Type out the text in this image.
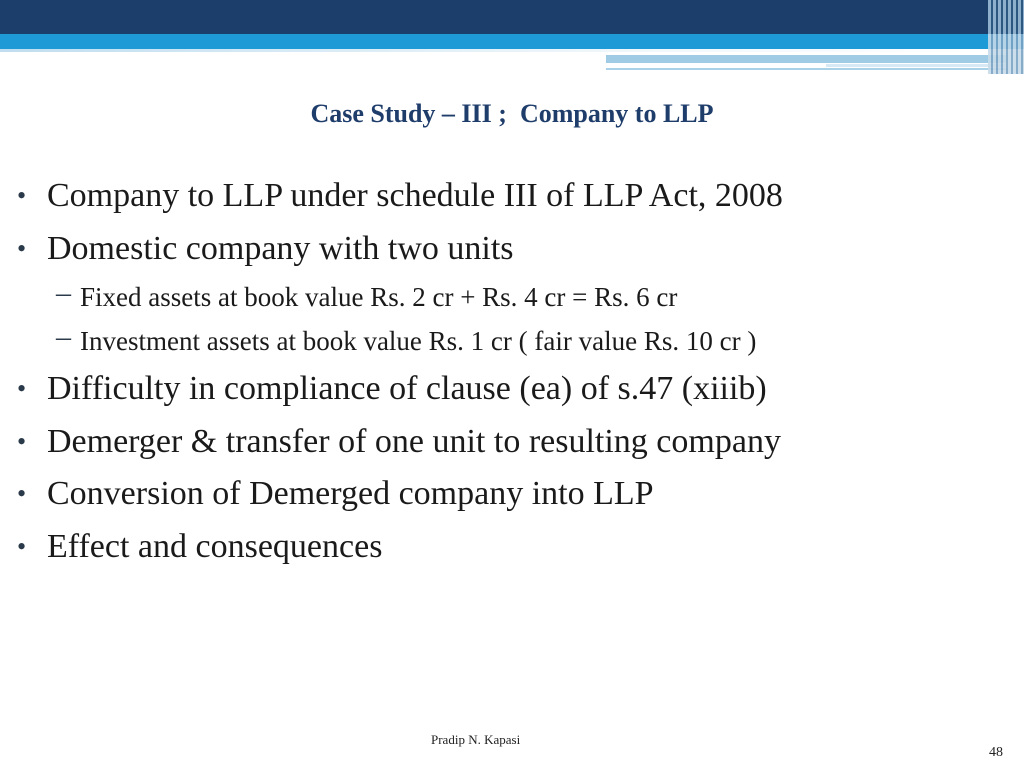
Case Study – III ;  Company to LLP
• Company to LLP under schedule III of LLP Act, 2008
• Domestic company with two units
– Fixed assets at book value Rs. 2 cr + Rs. 4 cr = Rs. 6 cr
– Investment assets at book value Rs. 1 cr ( fair value Rs. 10 cr )
• Difficulty in compliance of clause (ea) of s.47 (xiiib)
• Demerger & transfer of one unit to resulting company
• Conversion of Demerged company into LLP
• Effect and consequences
Pradip N. Kapasi
48
